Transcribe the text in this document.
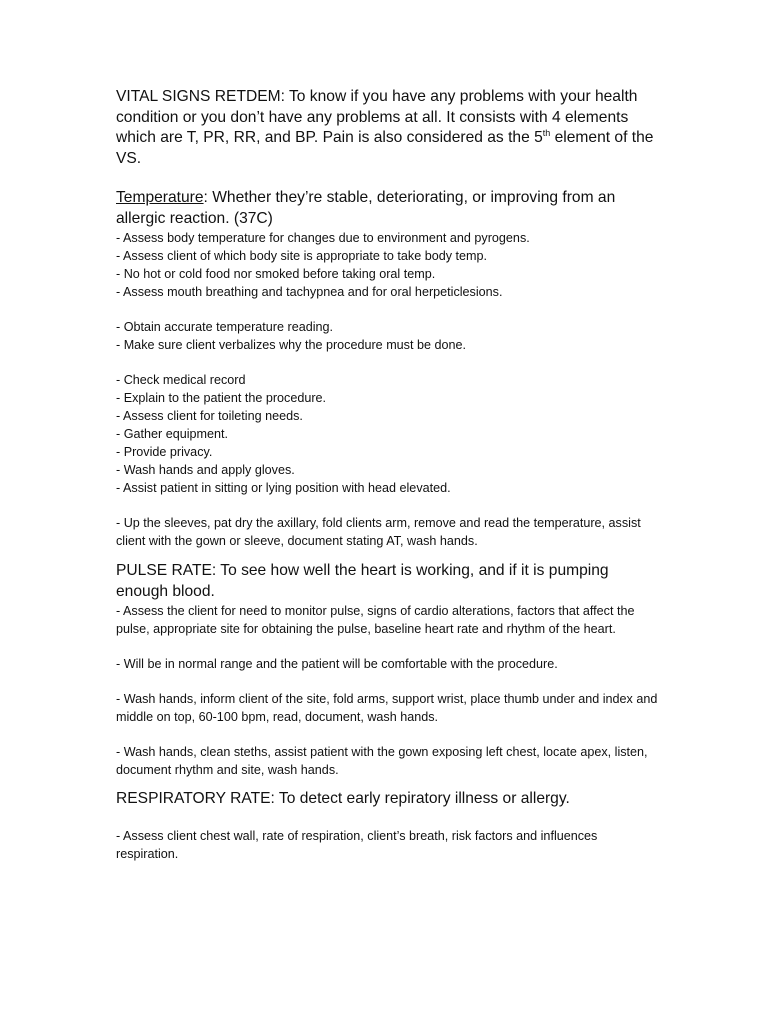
VITAL SIGNS RETDEM: To know if you have any problems with your health condition or you don’t have any problems at all. It consists with 4 elements which are T, PR, RR, and BP. Pain is also considered as the 5th element of the VS.

Temperature: Whether they’re stable, deteriorating, or improving from an allergic reaction. (37C)

- Assess body temperature for changes due to environment and pyrogens.

- Assess client of which body site is appropriate to take body temp.

- No hot or cold food nor smoked before taking oral temp.

- Assess mouth breathing and tachypnea and for oral herpeticlesions.

- Obtain accurate temperature reading.

- Make sure client verbalizes why the procedure must be done.

- Check medical record

- Explain to the patient the procedure.

- Assess client for toileting needs.

- Gather equipment.

- Provide privacy.

- Wash hands and apply gloves.

- Assist patient in sitting or lying position with head elevated.

- Up the sleeves, pat dry the axillary, fold clients arm, remove and read the temperature, assist client with the gown or sleeve, document stating AT, wash hands.

PULSE RATE: To see how well the heart is working, and if it is pumping enough blood.

- Assess the client for need to monitor pulse, signs of cardio alterations, factors that affect the pulse, appropriate site for obtaining the pulse, baseline heart rate and rhythm of the heart.

- Will be in normal range and the patient will be comfortable with the procedure.

- Wash hands, inform client of the site, fold arms, support wrist, place thumb under and index and middle on top, 60-100 bpm, read, document, wash hands.

- Wash hands, clean steths, assist patient with the gown exposing left chest, locate apex, listen, document rhythm and site, wash hands.

RESPIRATORY RATE: To detect early repiratory illness or allergy.

- Assess client chest wall, rate of respiration, client’s breath, risk factors and influences respiration.
